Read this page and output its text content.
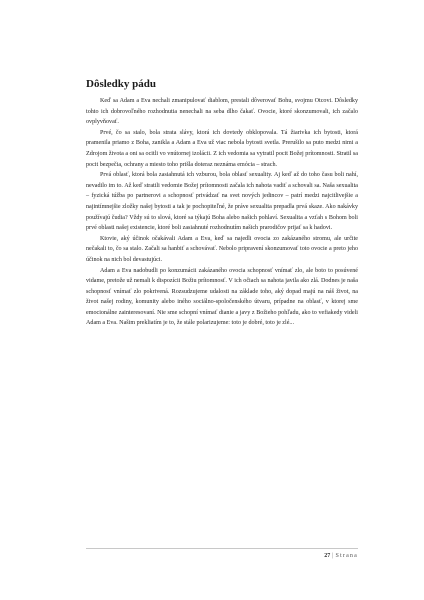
Dôsledky pádu

Keď sa Adam a Eva nechali zmanipulovať diablom, prestali dôverovať Bohu, svojmu Otcovi. Dôsledky tohto ich dobrovoľného rozhodnutia nenechali na seba dlho čakať. Ovocie, ktoré skonzumovali, ich začalo ovplyvňovať.

Prvé, čo sa stalo, bola strata slávy, ktorá ich dovtedy obklopovala. Tá žiarivka ich bytosti, ktorá pramenila priamo z Boha, zanikla a Adam a Eva už viac nebola bytosti svetla. Prerušilo sa puto medzi nimi a Zdrojom života a oni sa ocitli vo vnútornej izolácii. Z ich vedomia sa vytratil pocit Božej prítomnosti. Stratil sa pocit bezpečia, ochrany a miesto toho prišla doteraz neznáma emócia – strach.

Prvá oblasť, ktorá bola zasiahnutá ich vzburou, bola oblasť sexuality. Aj keď až do toho času boli nahí, nevadilo im to. Až keď stratili vedomie Božej prítomnosti začala ich nahota vadiť a schovali sa. Naša sexualita – fyzická túžba po partnerovi a schopnosť privádzať na svet nových jedincov – patrí medzi najcitlivejšie a najintímnejšie zložky našej bytosti a tak je pochopiteľné, že práve sexualita prepadla prvá skaze. Ako nakávky používajú čudia? Vždy sú to slová, ktoré sa týkajú Boha alebo našich pohlaví. Sexualita a vzťah s Bohom boli prvé oblasti našej existencie, ktoré boli zasiahnuté rozhodnutím našich prarodičov prijať sa k hadovi.

Ktovie, aký účinok očakávali Adam a Eva, keď sa najedli ovocia zo zakázaného stromu, ale určite nečakali to, čo sa stalo. Začali sa hanbiť a schovávať. Nebolo pripravení skonzumovať toto ovocie a preto jeho účinok na nich bol devastujúci.

Adam a Eva nadobudli po konzumácii zakázaného ovocia schopnosť vnímať zlo, ale boto to posúvené vidame, pretože už nemali k dispozícii Božiu prítomnosť. V ich očiach sa nahota javila ako zlá. Dodnes je naša schopnosť vnímať zlo pokrivená. Rozsudzujeme udalosti na základe toho, aký dopad majú na náš život, na život našej rodiny, komunity alebo iného sociálno-spoločenského útvaru, prípadne na oblasť, v ktorej sme emocionálne zainteresovaní. Nie sme schopní vnímať dianie a javy z Božieho pohľadu, ako to vefiakedy videli Adam a Eva. Našim prekliatím je to, že stále polarizujeme: toto je dobré, toto je zlé...

27 | Strana
